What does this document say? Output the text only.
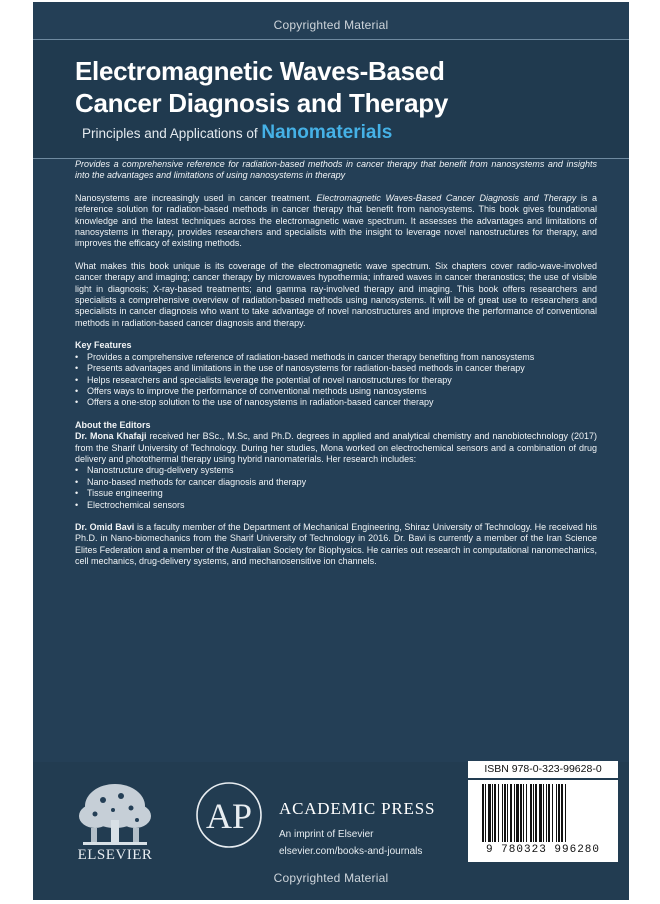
Copyrighted Material
Electromagnetic Waves-Based
Cancer Diagnosis and Therapy
Principles and Applications of Nanomaterials

Provides a comprehensive reference for radiation-based methods in cancer therapy that benefit from nanosystems and insights into the advantages and limitations of using nanosystems in therapy

Nanosystems are increasingly used in cancer treatment. Electromagnetic Waves-Based Cancer Diagnosis and Therapy is a reference solution for radiation-based methods in cancer therapy that benefit from nanosystems. This book gives foundational knowledge and the latest techniques across the electromagnetic wave spectrum. It assesses the advantages and limitations of nanosystems in therapy, provides researchers and specialists with the insight to leverage novel nanostructures for therapy, and improves the efficacy of existing methods.

What makes this book unique is its coverage of the electromagnetic wave spectrum. Six chapters cover radio-wave-involved cancer therapy and imaging; cancer therapy by microwaves hypothermia; infrared waves in cancer theranostics; the use of visible light in diagnosis; X-ray-based treatments; and gamma ray-involved therapy and imaging. This book offers researchers and specialists a comprehensive overview of radiation-based methods using nanosystems. It will be of great use to researchers and specialists in cancer diagnosis who want to take advantage of novel nanostructures and improve the performance of conventional methods in radiation-based cancer diagnosis and therapy.

Key Features

• Provides a comprehensive reference of radiation-based methods in cancer therapy benefiting from nanosystems
• Presents advantages and limitations in the use of nanosystems for radiation-based methods in cancer therapy
• Helps researchers and specialists leverage the potential of novel nanostructures for therapy
• Offers ways to improve the performance of conventional methods using nanosystems
• Offers a one-stop solution to the use of nanosystems in radiation-based cancer therapy

About the Editors

Dr. Mona Khafaji received her BSc., M.Sc, and Ph.D. degrees in applied and analytical chemistry and nanobiotechnology (2017) from the Sharif University of Technology. During her studies, Mona worked on electrochemical sensors and a combination of drug delivery and photothermal therapy using hybrid nanomaterials. Her research includes:

• Nanostructure drug-delivery systems
• Nano-based methods for cancer diagnosis and therapy
• Tissue engineering
• Electrochemical sensors

Dr. Omid Bavi is a faculty member of the Department of Mechanical Engineering, Shiraz University of Technology. He received his Ph.D. in Nano-biomechanics from the Sharif University of Technology in 2016. Dr. Bavi is currently a member of the Iran Science Elites Federation and a member of the Australian Society for Biophysics. He carries out research in computational nanomechanics, cell mechanics, drug-delivery systems, and mechanosensitive ion channels.

ELSEVIER
AP ACADEMIC PRESS
An imprint of Elsevier
elsevier.com/books-and-journals
ISBN 978-0-323-99628-0
9 780323 996280
Copyrighted Material
